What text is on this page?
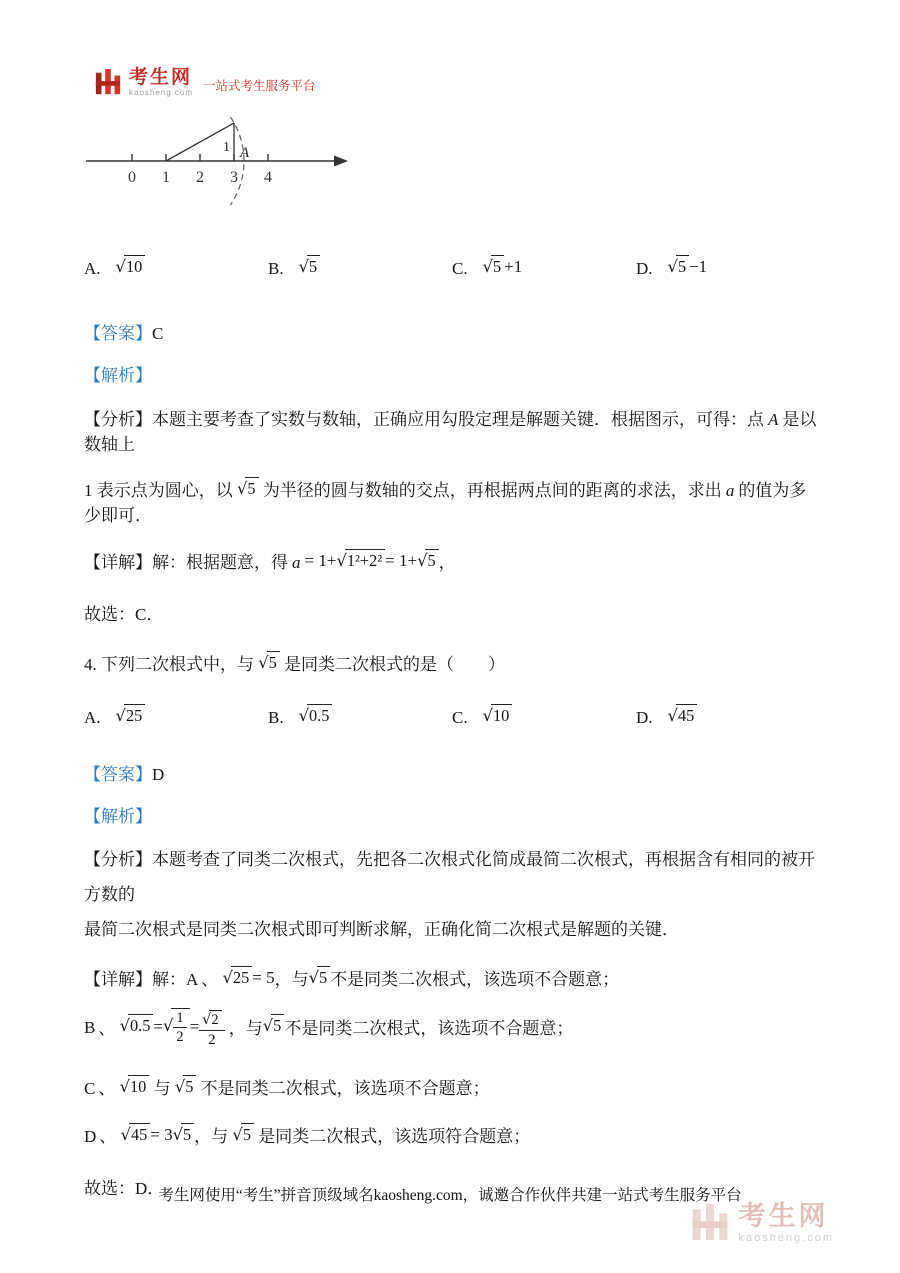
考生网
kaosheng.com 一站式考生服务平台
0 1 2 3 4
1 A
A. √10	B. √5	C. √5 +1	D. √5 −1

【答案】C

【解析】

【分析】本题主要考查了实数与数轴，正确应用勾股定理是解题关键．根据图示，可得：点 A 是以数轴上

1 表示点为圆心，以 √5 为半径的圆与数轴的交点，再根据两点间的距离的求法，求出 a 的值为多少即可．

【详解】解：根据题意，得 a = 1+√1²+2² = 1+√5 ，

故选：C．

4. 下列二次根式中，与 √5 是同类二次根式的是（　　）

A. √25	B. √0.5	C. √10	D. √45

【答案】D

【解析】

【分析】本题考查了同类二次根式，先把各二次根式化简成最简二次根式，再根据含有相同的被开方数的
最简二次根式是同类二次根式即可判断求解，正确化简二次根式是解题的关键．

【详解】解：A 、 √25 = 5，与√5 不是同类二次根式，该选项不合题意；

B 、 √0.5 =√ $\frac{1}{2} = \frac{√2}{2}$ ，与√5 不是同类二次根式，该选项不合题意；

C 、 √10 与 √5 不是同类二次根式，该选项不合题意；

D 、 √45 = 3√5 ，与 √5 是同类二次根式，该选项符合题意；

故选：D．

考生网使用“考生”拼音顶级域名kaosheng.com，诚邀合作伙伴共建一站式考生服务平台
考生网
kaosheng.com
